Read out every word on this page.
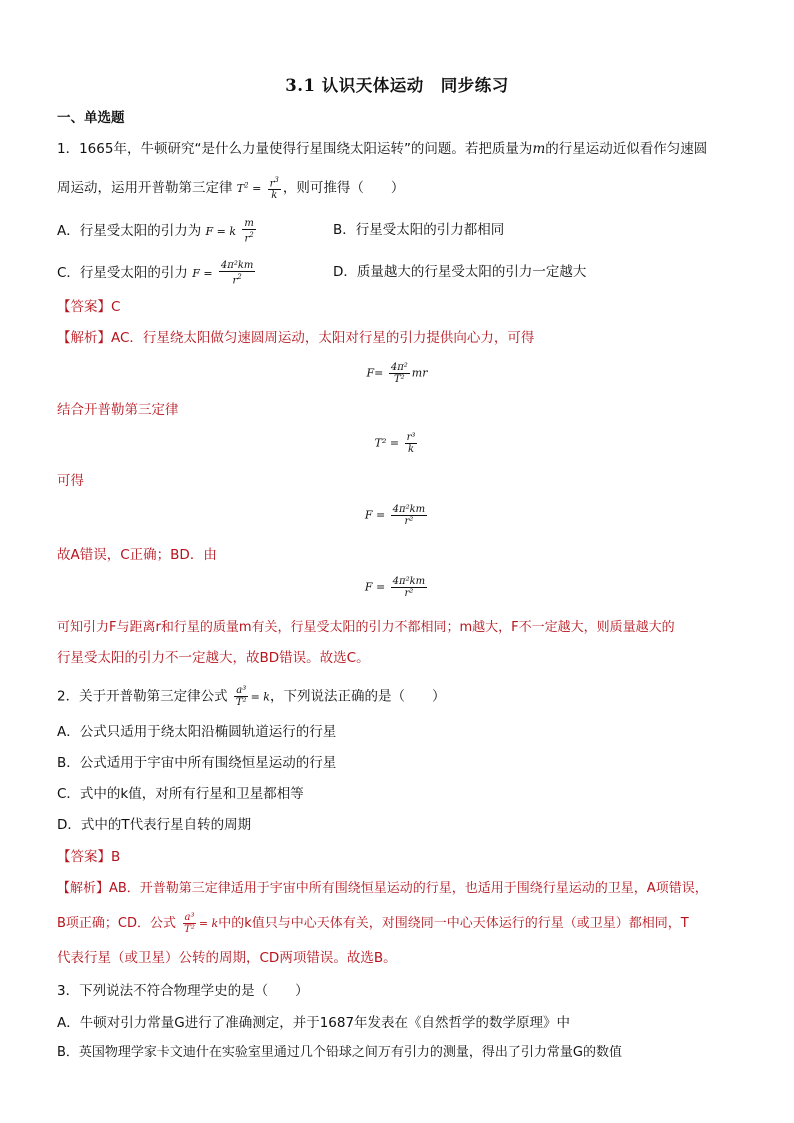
3.1 认识天体运动　同步练习
一、单选题
1．1665年，牛顿研究“是什么力量使得行星围绕太阳运转”的问题。若把质量为m的行星运动近似看作匀速圆
周运动，运用开普勒第三定律 $T^2 = \frac{r^3}{k}$ ，则可推得（　　）
A．行星受太阳的引力为 F = k $\frac{m}{r^2}$	B．行星受太阳的引力都相同
C．行星受太阳的引力 $F = \frac{\text{4π²km}}{r^2}$	D．质量越大的行星受太阳的引力一定越大
【答案】C
【解析】AC．行星绕太阳做匀速圆周运动，太阳对行星的引力提供向心力，可得
$F= \frac{\text{4π²}}{\text{T²}}$ mr
结合开普勒第三定律
$T^2 = \frac{\text{r³}}{k}$
可得
$F = \frac{\text{4π²km}}{\text{r²}}$
故A错误，C正确；BD．由
$F = \frac{\text{4π²km}}{\text{r²}}$
可知引力F与距离r和行星的质量m有关，行星受太阳的引力不都相同；m越大，F不一定越大，则质量越大的
行星受太阳的引力不一定越大，故BD错误。故选C。
2．关于开普勒第三定律公式 $\frac{\text{a³}}{\text{T²}} = k$，下列说法正确的是（　　）
A．公式只适用于绕太阳沿椭圆轨道运行的行星
B．公式适用于宇宙中所有围绕恒星运动的行星
C．式中的k值，对所有行星和卫星都相等
D．式中的T代表行星自转的周期
【答案】B
【解析】AB．开普勒第三定律适用于宇宙中所有围绕恒星运动的行星，也适用于围绕行星运动的卫星，A项错误，
B项正确；CD．公式 $\frac{\text{a³}}{\text{T²}} = k$中的k值只与中心天体有关，对围绕同一中心天体运行的行星（或卫星）都相同，T
代表行星（或卫星）公转的周期，CD两项错误。故选B。
3．下列说法不符合物理学史的是（　　）
A．牛顿对引力常量G进行了准确测定，并于1687年发表在《自然哲学的数学原理》中
B．英国物理学家卡文迪什在实验室里通过几个铅球之间万有引力的测量，得出了引力常量G的数值
